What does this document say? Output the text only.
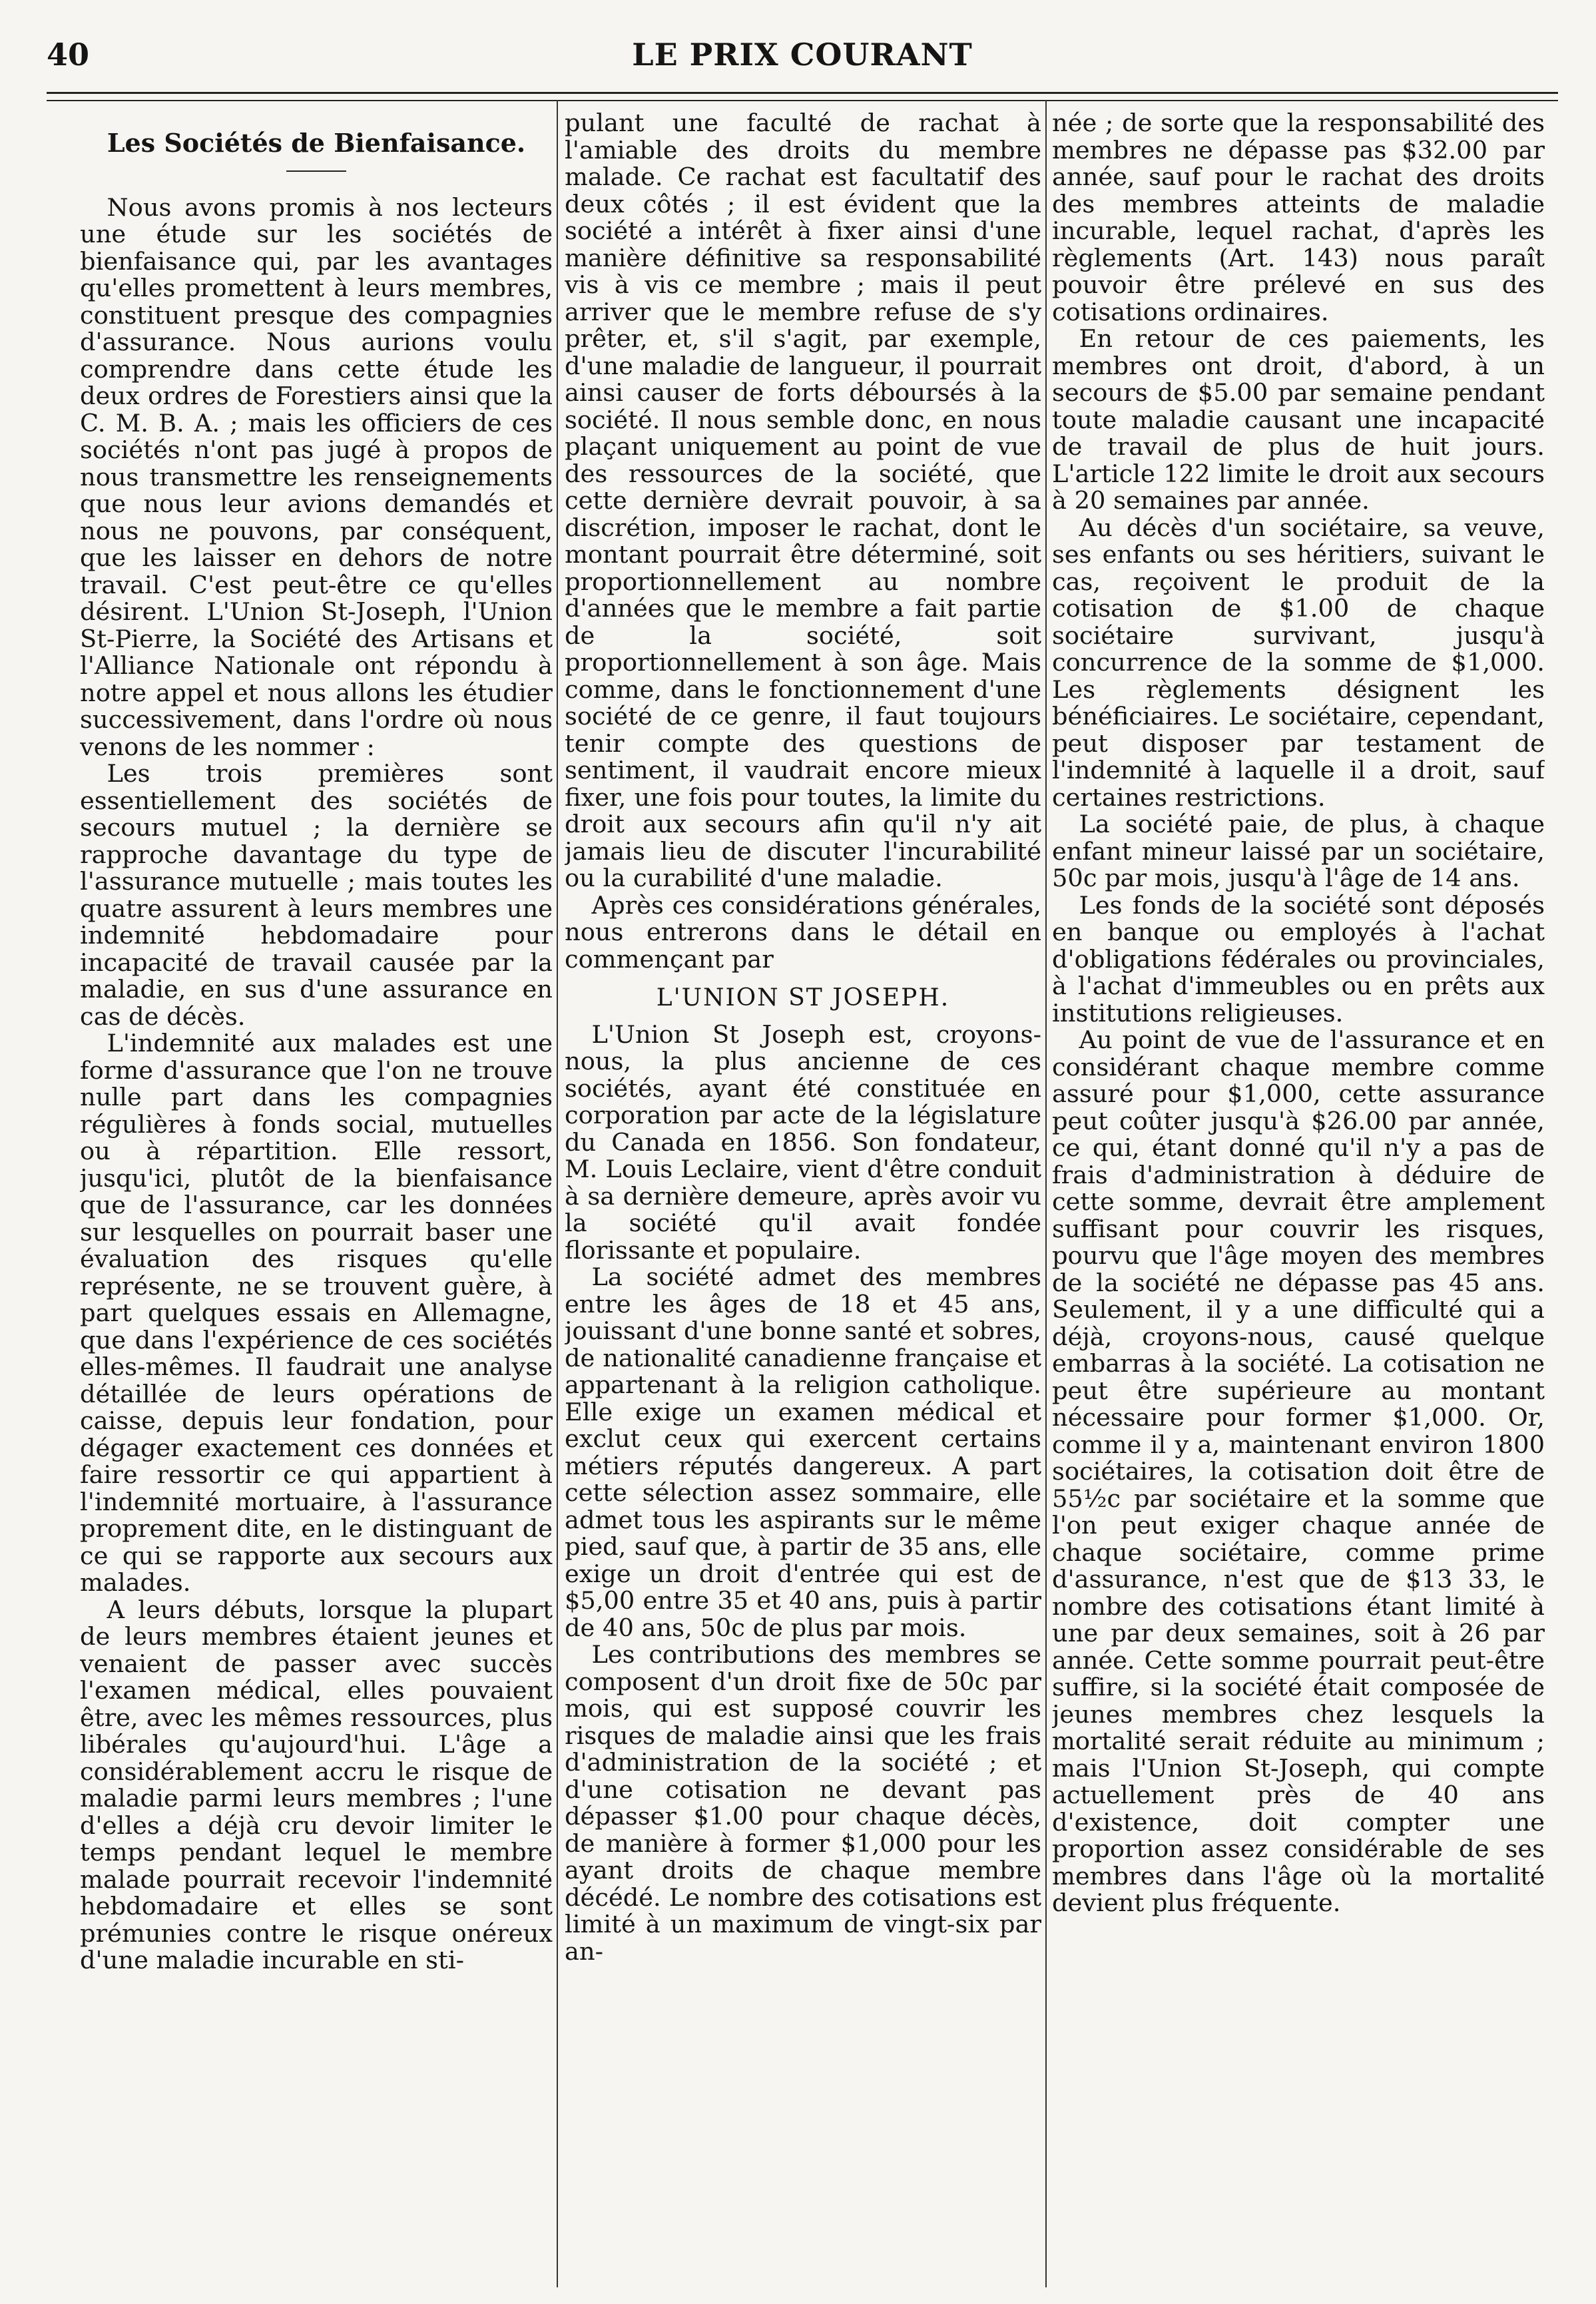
40	LE PRIX COURANT
Les Sociétés de Bienfaisance.

Nous avons promis à nos lecteurs une étude sur les sociétés de bienfaisance qui, par les avantages qu'elles promettent à leurs membres, constituent presque des compagnies d'assurance. Nous aurions voulu comprendre dans cette étude les deux ordres de Forestiers ainsi que la C. M. B. A. ; mais les officiers de ces sociétés n'ont pas jugé à propos de nous transmettre les renseignements que nous leur avions demandés et nous ne pouvons, par conséquent, que les laisser en dehors de notre travail. C'est peut-être ce qu'elles désirent. L'Union St-Joseph, l'Union St-Pierre, la Société des Artisans et l'Alliance Nationale ont répondu à notre appel et nous allons les étudier successivement, dans l'ordre où nous venons de les nommer :

Les trois premières sont essentiellement des sociétés de secours mutuel ; la dernière se rapproche davantage du type de l'assurance mutuelle ; mais toutes les quatre assurent à leurs membres une indemnité hebdomadaire pour incapacité de travail causée par la maladie, en sus d'une assurance en cas de décès.

L'indemnité aux malades est une forme d'assurance que l'on ne trouve nulle part dans les compagnies régulières à fonds social, mutuelles ou à répartition. Elle ressort, jusqu'ici, plutôt de la bienfaisance que de l'assurance, car les données sur lesquelles on pourrait baser une évaluation des risques qu'elle représente, ne se trouvent guère, à part quelques essais en Allemagne, que dans l'expérience de ces sociétés elles-mêmes. Il faudrait une analyse détaillée de leurs opérations de caisse, depuis leur fondation, pour dégager exactement ces données et faire ressortir ce qui appartient à l'indemnité mortuaire, à l'assurance proprement dite, en le distinguant de ce qui se rapporte aux secours aux malades.

A leurs débuts, lorsque la plupart de leurs membres étaient jeunes et venaient de passer avec succès l'examen médical, elles pouvaient être, avec les mêmes ressources, plus libérales qu'aujourd'hui. L'âge a considérablement accru le risque de maladie parmi leurs membres ; l'une d'elles a déjà cru devoir limiter le temps pendant lequel le membre malade pourrait recevoir l'indemnité hebdomadaire et elles se sont prémunies contre le risque onéreux d'une maladie incurable en sti-

pulant une faculté de rachat à l'amiable des droits du membre malade. Ce rachat est facultatif des deux côtés ; il est évident que la société a intérêt à fixer ainsi d'une manière définitive sa responsabilité vis à vis ce membre ; mais il peut arriver que le membre refuse de s'y prêter, et, s'il s'agit, par exemple, d'une maladie de langueur, il pourrait ainsi causer de forts déboursés à la société. Il nous semble donc, en nous plaçant uniquement au point de vue des ressources de la société, que cette dernière devrait pouvoir, à sa discrétion, imposer le rachat, dont le montant pourrait être déterminé, soit proportionnellement au nombre d'années que le membre a fait partie de la société, soit proportionnellement à son âge. Mais comme, dans le fonctionnement d'une société de ce genre, il faut toujours tenir compte des questions de sentiment, il vaudrait encore mieux fixer, une fois pour toutes, la limite du droit aux secours afin qu'il n'y ait jamais lieu de discuter l'incurabilité ou la curabilité d'une maladie.

Après ces considérations générales, nous entrerons dans le détail en commençant par

L'UNION ST JOSEPH.

L'Union St Joseph est, croyons-nous, la plus ancienne de ces sociétés, ayant été constituée en corporation par acte de la législature du Canada en 1856. Son fondateur, M. Louis Leclaire, vient d'être conduit à sa dernière demeure, après avoir vu la société qu'il avait fondée florissante et populaire.

La société admet des membres entre les âges de 18 et 45 ans, jouissant d'une bonne santé et sobres, de nationalité canadienne française et appartenant à la religion catholique. Elle exige un examen médical et exclut ceux qui exercent certains métiers réputés dangereux. A part cette sélection assez sommaire, elle admet tous les aspirants sur le même pied, sauf que, à partir de 35 ans, elle exige un droit d'entrée qui est de $5,00 entre 35 et 40 ans, puis à partir de 40 ans, 50c de plus par mois.

Les contributions des membres se composent d'un droit fixe de 50c par mois, qui est supposé couvrir les risques de maladie ainsi que les frais d'administration de la société ; et d'une cotisation ne devant pas dépasser $1.00 pour chaque décès, de manière à former $1,000 pour les ayant droits de chaque membre décédé. Le nombre des cotisations est limité à un maximum de vingt-six par an-

née ; de sorte que la responsabilité des membres ne dépasse pas $32.00 par année, sauf pour le rachat des droits des membres atteints de maladie incurable, lequel rachat, d'après les règlements (Art. 143) nous paraît pouvoir être prélevé en sus des cotisations ordinaires.

En retour de ces paiements, les membres ont droit, d'abord, à un secours de $5.00 par semaine pendant toute maladie causant une incapacité de travail de plus de huit jours. L'article 122 limite le droit aux secours à 20 semaines par année.

Au décès d'un sociétaire, sa veuve, ses enfants ou ses héritiers, suivant le cas, reçoivent le produit de la cotisation de $1.00 de chaque sociétaire survivant, jusqu'à concurrence de la somme de $1,000. Les règlements désignent les bénéficiaires. Le sociétaire, cependant, peut disposer par testament de l'indemnité à laquelle il a droit, sauf certaines restrictions.

La société paie, de plus, à chaque enfant mineur laissé par un sociétaire, 50c par mois, jusqu'à l'âge de 14 ans.

Les fonds de la société sont déposés en banque ou employés à l'achat d'obligations fédérales ou provinciales, à l'achat d'immeubles ou en prêts aux institutions religieuses.

Au point de vue de l'assurance et en considérant chaque membre comme assuré pour $1,000, cette assurance peut coûter jusqu'à $26.00 par année, ce qui, étant donné qu'il n'y a pas de frais d'administration à déduire de cette somme, devrait être amplement suffisant pour couvrir les risques, pourvu que l'âge moyen des membres de la société ne dépasse pas 45 ans. Seulement, il y a une difficulté qui a déjà, croyons-nous, causé quelque embarras à la société. La cotisation ne peut être supérieure au montant nécessaire pour former $1,000. Or, comme il y a, maintenant environ 1800 sociétaires, la cotisation doit être de 55½c par sociétaire et la somme que l'on peut exiger chaque année de chaque sociétaire, comme prime d'assurance, n'est que de $13 33, le nombre des cotisations étant limité à une par deux semaines, soit à 26 par année. Cette somme pourrait peut-être suffire, si la société était composée de jeunes membres chez lesquels la mortalité serait réduite au minimum ; mais l'Union St-Joseph, qui compte actuellement près de 40 ans d'existence, doit compter une proportion assez considérable de ses membres dans l'âge où la mortalité devient plus fréquente.
